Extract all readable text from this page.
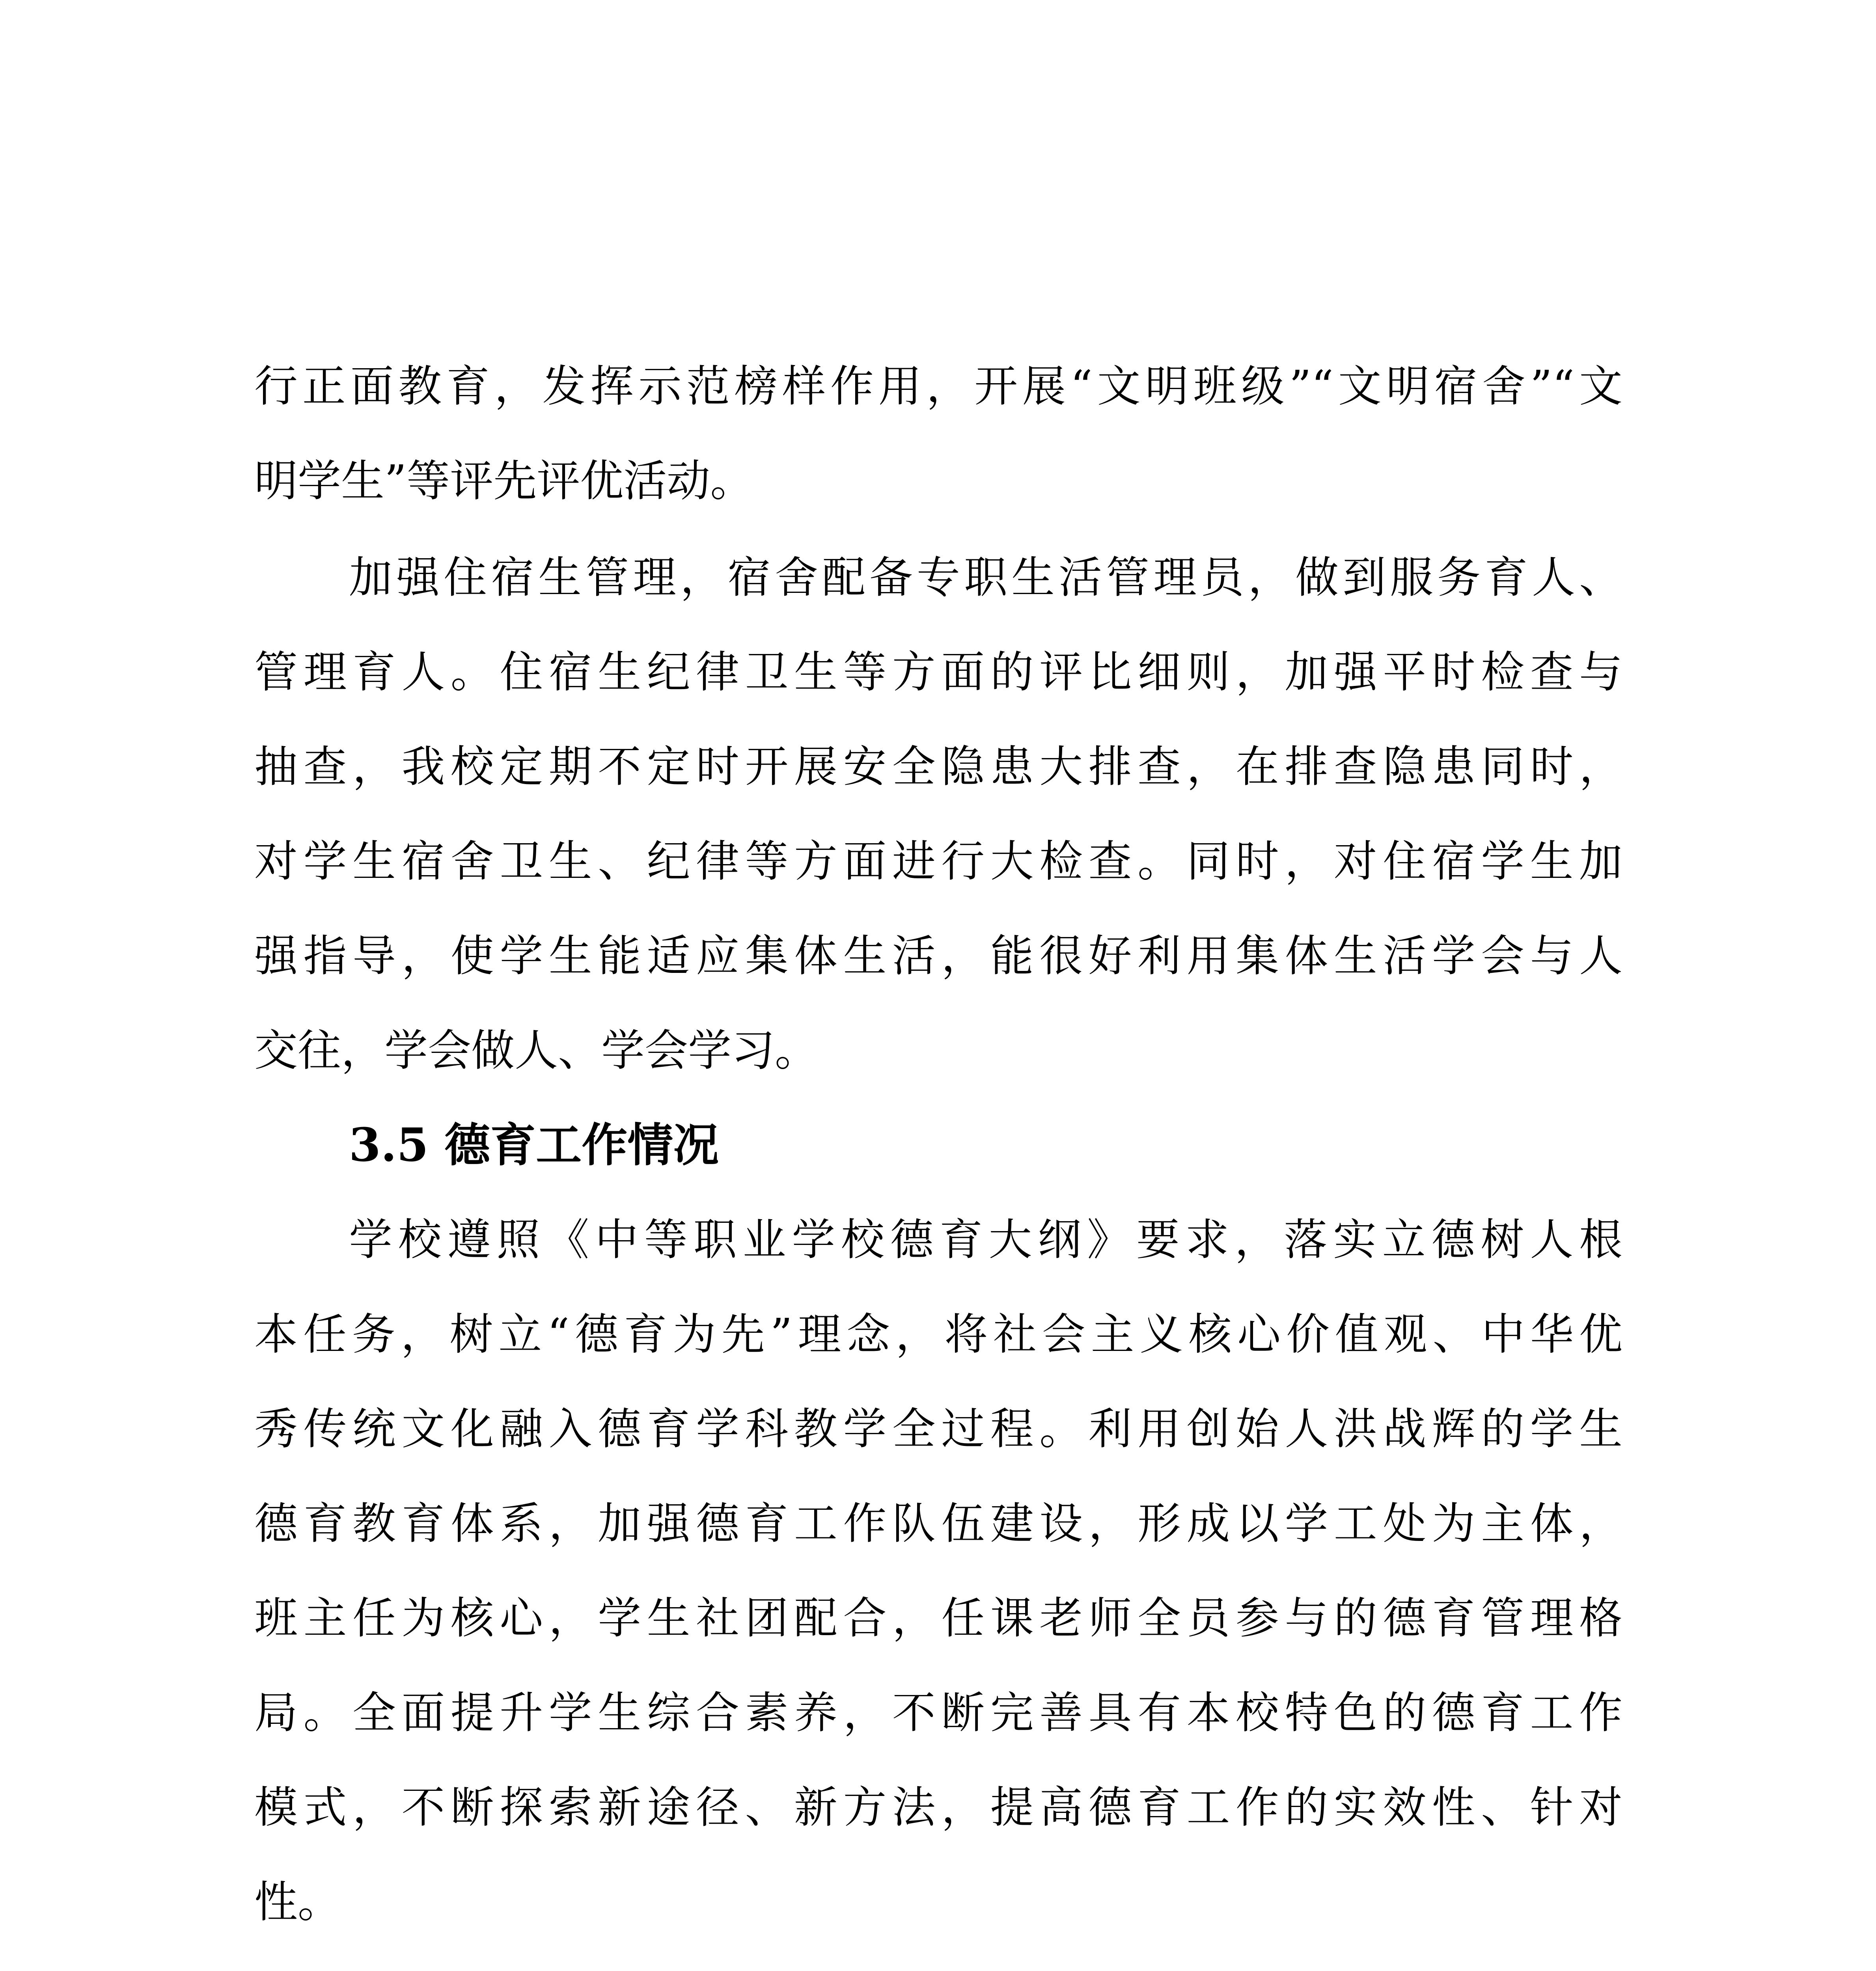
行正面教育，发挥示范榜样作用，开展“文明班级”“文明宿舍”“文

明学生”等评先评优活动。

加强住宿生管理，宿舍配备专职生活管理员，做到服务育人、

管理育人。住宿生纪律卫生等方面的评比细则，加强平时检查与

抽查，我校定期不定时开展安全隐患大排查，在排查隐患同时，

对学生宿舍卫生、纪律等方面进行大检查。同时，对住宿学生加

强指导，使学生能适应集体生活，能很好利用集体生活学会与人

交往，学会做人、学会学习。

3.5 德育工作情况

学校遵照《中等职业学校德育大纲》要求，落实立德树人根

本任务，树立“德育为先”理念，将社会主义核心价值观、中华优

秀传统文化融入德育学科教学全过程。利用创始人洪战辉的学生

德育教育体系，加强德育工作队伍建设，形成以学工处为主体，

班主任为核心，学生社团配合，任课老师全员参与的德育管理格

局。全面提升学生综合素养，不断完善具有本校特色的德育工作

模式，不断探索新途径、新方法，提高德育工作的实效性、针对

性。
